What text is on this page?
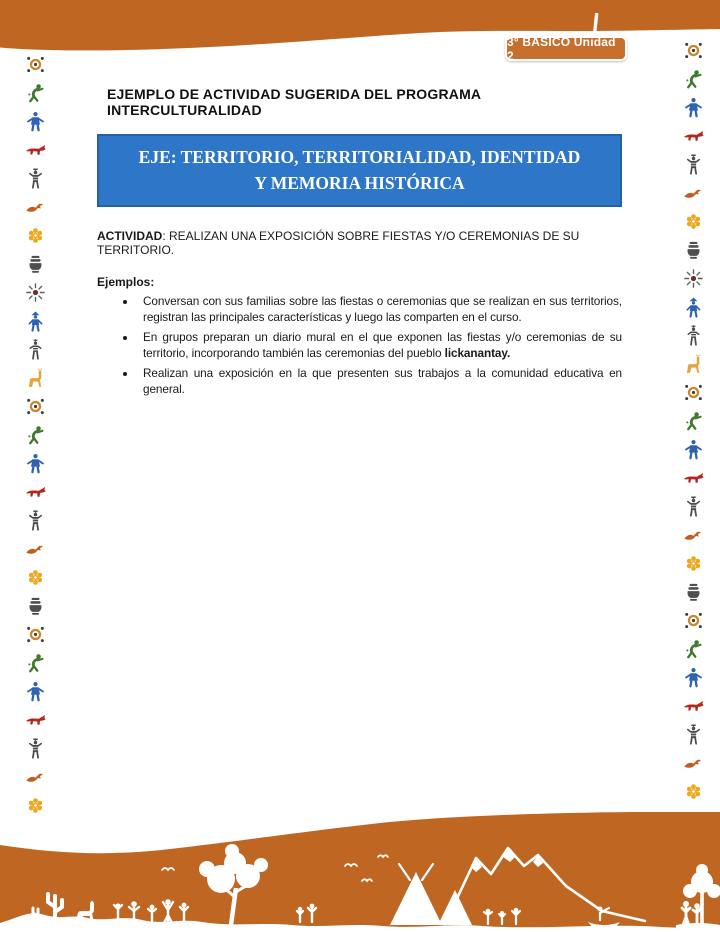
3° BÁSICO Unidad 2
EJEMPLO DE ACTIVIDAD SUGERIDA DEL PROGRAMA INTERCULTURALIDAD
EJE: TERRITORIO, TERRITORIALIDAD, IDENTIDAD Y MEMORIA HISTÓRICA

ACTIVIDAD: REALIZAN UNA EXPOSICIÓN SOBRE FIESTAS Y/O CEREMONIAS DE SU TERRITORIO.

Ejemplos:

• Conversan con sus familias sobre las fiestas o ceremonias que se realizan en sus territorios, registran las principales características y luego las comparten en el curso.
• En grupos preparan un diario mural en el que exponen las fiestas y/o ceremonias de su territorio, incorporando también las ceremonias del pueblo lickanantay.
• Realizan una exposición en la que presenten sus trabajos a la comunidad educativa en general.
